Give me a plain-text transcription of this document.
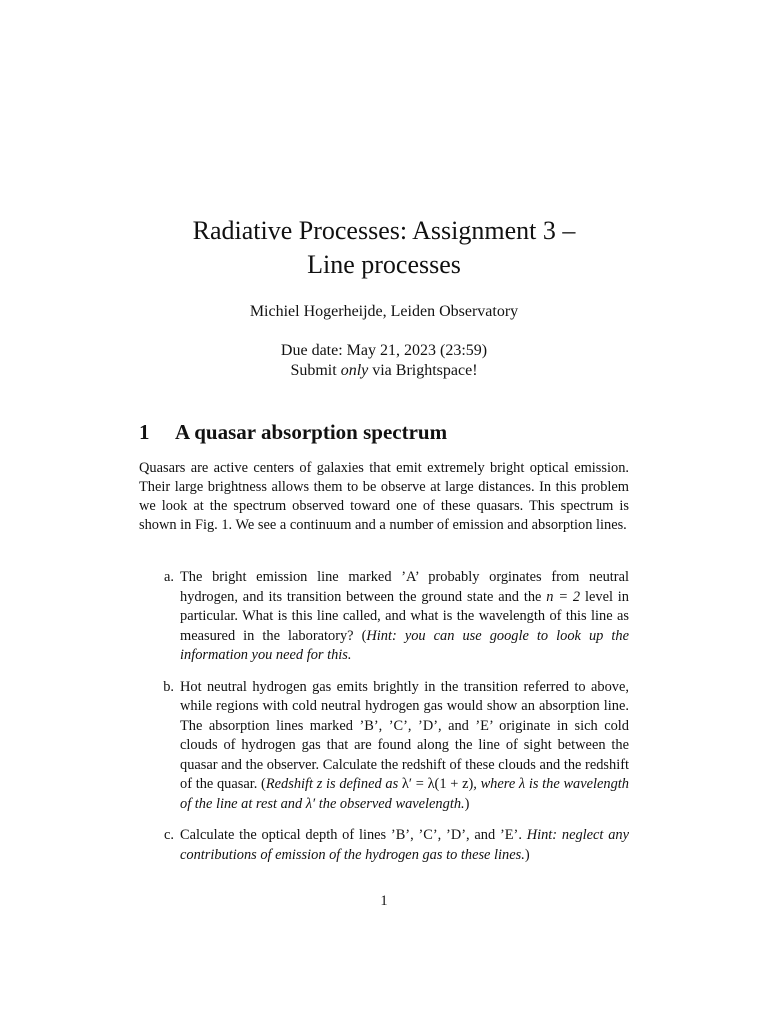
Radiative Processes: Assignment 3 –
Line processes
Michiel Hogerheijde, Leiden Observatory
Due date: May 21, 2023 (23:59)
Submit only via Brightspace!
1 A quasar absorption spectrum
Quasars are active centers of galaxies that emit extremely bright optical emission. Their large brightness allows them to be observe at large distances. In this problem we look at the spectrum observed toward one of these quasars. This spectrum is shown in Fig. 1. We see a continuum and a number of emission and absorption lines.
a. The bright emission line marked ’A’ probably orginates from neutral hydrogen, and its transition between the ground state and the n = 2 level in particular. What is this line called, and what is the wavelength of this line as measured in the laboratory? (Hint: you can use google to look up the information you need for this.
b. Hot neutral hydrogen gas emits brightly in the transition referred to above, while regions with cold neutral hydrogen gas would show an absorption line. The absorption lines marked ’B’, ’C’, ’D’, and ’E’ originate in sich cold clouds of hydrogen gas that are found along the line of sight between the quasar and the observer. Calculate the redshift of these clouds and the redshift of the quasar. (Redshift z is defined as λ′ = λ(1 + z), where λ is the wavelength of the line at rest and λ′ the observed wavelength.)
c. Calculate the optical depth of lines ’B’, ’C’, ’D’, and ’E’. Hint: neglect any contributions of emission of the hydrogen gas to these lines.)
1
